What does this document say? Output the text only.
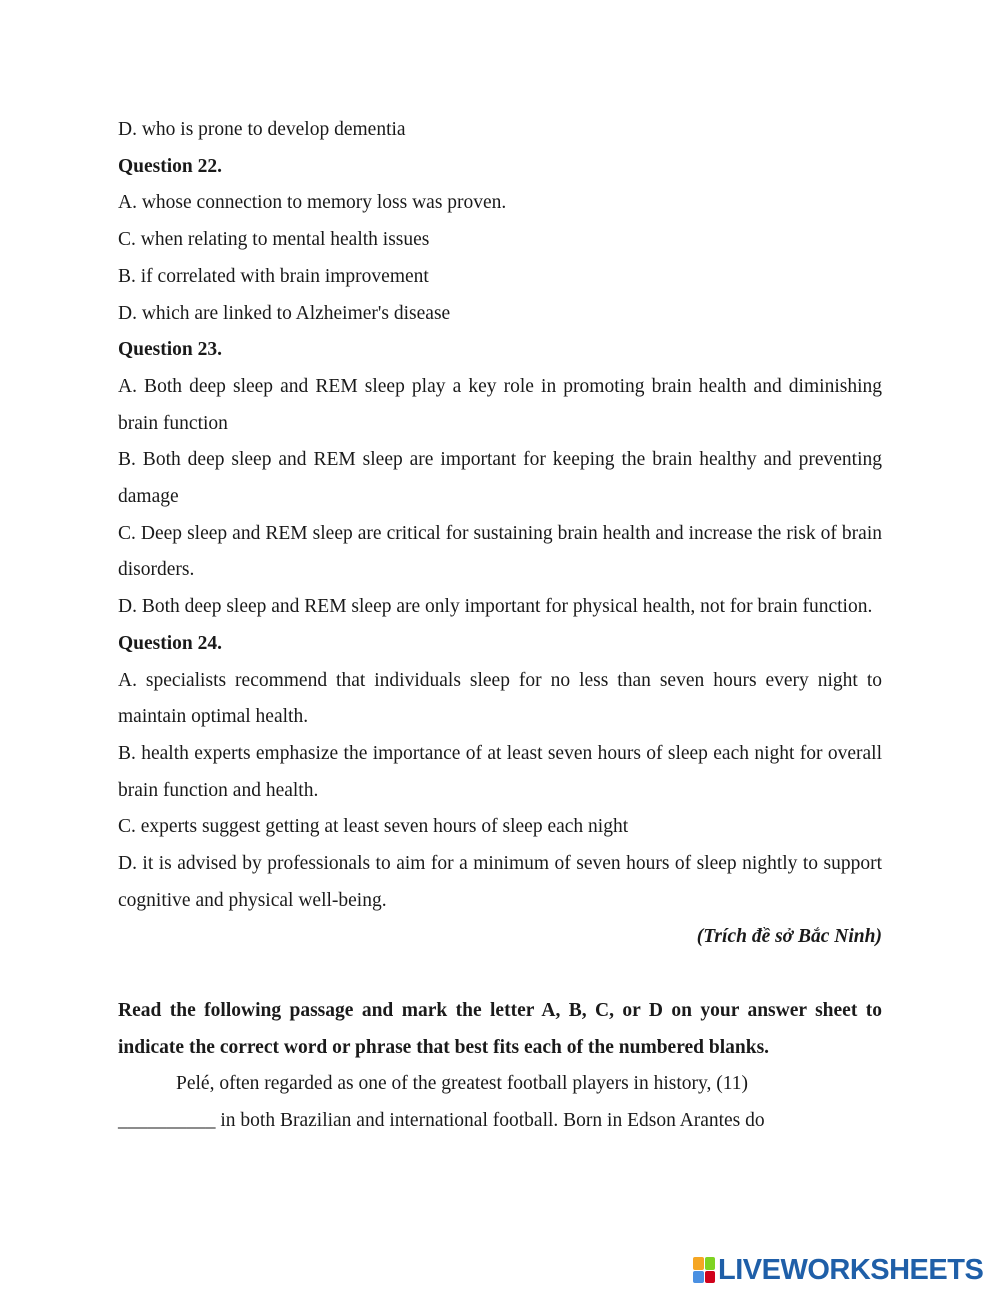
D. who is prone to develop dementia

Question 22.

A. whose connection to memory loss was proven.

C. when relating to mental health issues

B. if correlated with brain improvement

D. which are linked to Alzheimer's disease

Question 23.

A. Both deep sleep and REM sleep play a key role in promoting brain health and diminishing brain function

B. Both deep sleep and REM sleep are important for keeping the brain healthy and preventing damage

C. Deep sleep and REM sleep are critical for sustaining brain health and increase the risk of brain disorders.

D. Both deep sleep and REM sleep are only important for physical health, not for brain function.

Question 24.

A. specialists recommend that individuals sleep for no less than seven hours every night to maintain optimal health.

B. health experts emphasize the importance of at least seven hours of sleep each night for overall brain function and health.

C. experts suggest getting at least seven hours of sleep each night

D. it is advised by professionals to aim for a minimum of seven hours of sleep nightly to support cognitive and physical well-being.

(Trích đề sở Bắc Ninh)

Read the following passage and mark the letter A, B, C, or D on your answer sheet to indicate the correct word or phrase that best fits each of the numbered blanks.

Pelé, often regarded as one of the greatest football players in history, (11)

__________ in both Brazilian and international football. Born in Edson Arantes do

LIVEWORKSHEETS
